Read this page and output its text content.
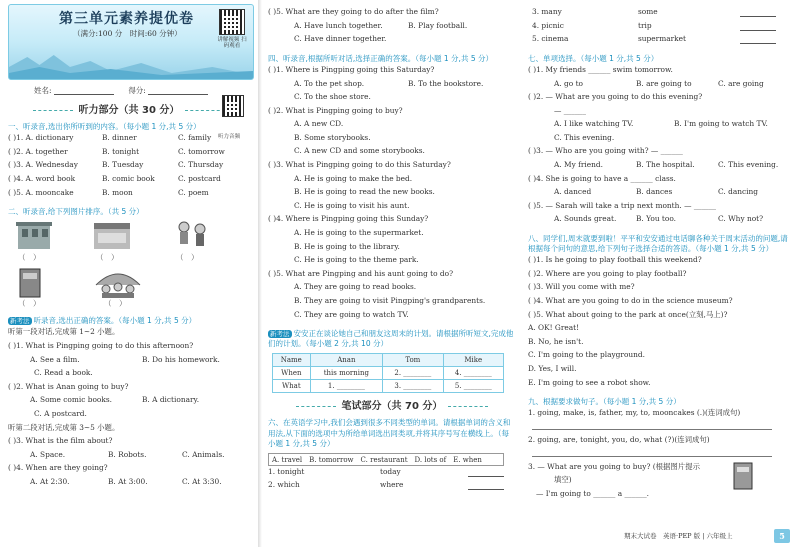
第三单元素养提优卷
（满分:100 分　时间:60 分钟）
讲解视频 扫码观看
姓名:	得分:
听力部分（共 30 分）
听力音频
一、听录音,选出你所听到的内容。（每小题 1 分,共 5 分）
( )1. A. dictionary	B. dinner	C. family
( )2. A. together	B. tonight	C. tomorrow
( )3. A. Wednesday	B. Tuesday	C. Thursday
( )4. A. word book	B. comic book	C. postcard
( )5. A. mooncake	B. moon	C. poem
二、听录音,给下列图片排序。（共 5 分）
（　）	（　）	（　）
（　）	（　）
新考法 听录音,选出正确的答案。（每小题 1 分,共 5 分）
听第一段对话,完成第 1~2 小题。
( )1. What is Pingping going to do this afternoon?
A. See a film.	B. Do his homework.
C. Read a book.
( )2. What is Anan going to buy?
A. Some comic books.	B. A dictionary.
C. A postcard.
听第二段对话,完成第 3~5 小题。
( )3. What is the film about?
A. Space.	B. Robots.	C. Animals.
( )4. When are they going?
A. At 2:30.	B. At 3:00.	C. At 3:30.
( )5. What are they going to do after the film?
A. Have lunch together.	B. Play football.
C. Have dinner together.
四、听录音,根据所听对话,选择正确的答案。（每小题 1 分,共 5 分）
( )1. Where is Pingping going this Saturday?
A. To the pet shop.	B. To the bookstore.
C. To the shoe store.
( )2. What is Pingping going to buy?
A. A new CD.
B. Some storybooks.
C. A new CD and some storybooks.
( )3. What is Pingping going to do this Saturday?
A. He is going to make the bed.
B. He is going to read the new books.
C. He is going to visit his aunt.
( )4. Where is Pingping going this Sunday?
A. He is going to the supermarket.
B. He is going to the library.
C. He is going to the theme park.
( )5. What are Pingping and his aunt going to do?
A. They are going to read books.
B. They are going to visit Pingping's grandparents.
C. They are going to watch TV.
新考法 安安正在谈论她自己和朋友这周末的计划。请根据所听短文,完成他们的计划。（每小题 2 分,共 10 分）
Name	Anan	Tom	Mike
When	this morning	2. ________	4. ________
What	1. ________	3. ________	5. ________
笔试部分（共 70 分）
六、在英语学习中,我们会遇到很多不同类型的单词。请根据单词的含义和用法,从下面的选项中为所给单词选出同类项,并将其序号写在横线上。（每小题 1 分,共 5 分）
A. travel　B. tomorrow　C. restaurant　D. lots of　E. when
1. tonight	today
2. which	where
3. many	some
4. picnic	trip
5. cinema	supermarket
七、单项选择。（每小题 1 分,共 5 分）
( )1. My friends ______ swim tomorrow.
A. go to	B. are going to	C. are going
( )2. — What are you going to do this evening?
— ______
A. I like watching TV.	B. I'm going to watch TV.
C. This evening.
( )3. — Who are you going with? — ______
A. My friend.	B. The hospital.	C. This evening.
( )4. She is going to have a ______ class.
A. danced	B. dances	C. dancing
( )5. — Sarah will take a trip next month. — ______
A. Sounds great.	B. You too.	C. Why not?
八、同学们,周末就要到啦！平平和安安通过电话聊各种关于周末活动的问题,请根据每个问句的意思,给下列句子选择合适的答语。（每小题 1 分,共 5 分）
( )1. Is he going to play football this weekend?
( )2. Where are you going to play football?
( )3. Will you come with me?
( )4. What are you going to do in the science museum?
( )5. What about going to the park at once(立刻,马上)?
A. OK! Great!
B. No, he isn't.
C. I'm going to the playground.
D. Yes, I will.
E. I'm going to see a robot show.
九、根据要求做句子。（每小题 1 分,共 5 分）
1. going, make, is, father, my, to, mooncakes (.)(连词成句)
2. going, are, tonight, you, do, what (?)(连词成句)
3. — What are you going to buy? (根据图片提示
填空)
— I'm going to ______ a ______.
期末大试卷　英语·PEP 版 | 六年级上	5
